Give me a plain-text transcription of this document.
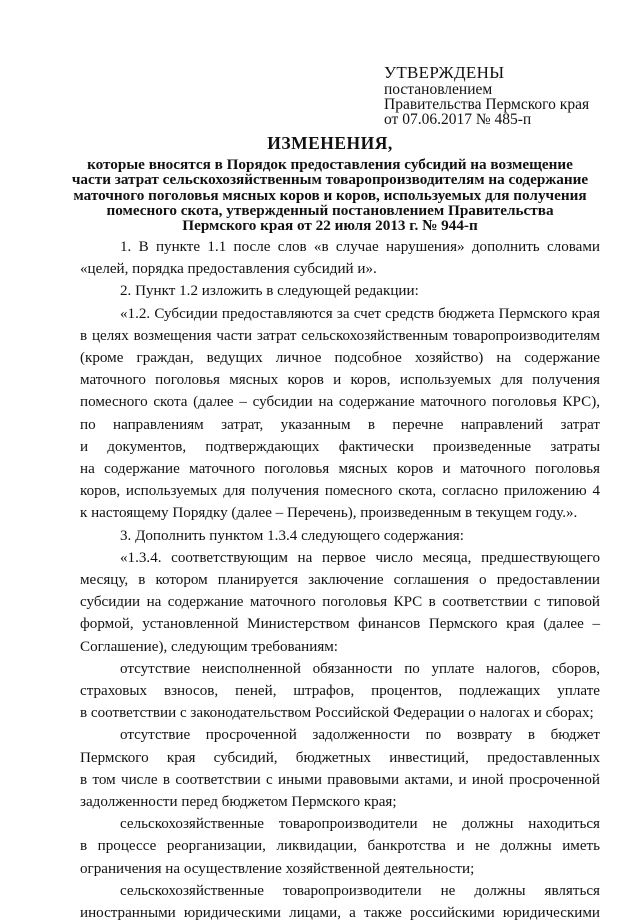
УТВЕРЖДЕНЫ
постановлением
Правительства Пермского края
от 07.06.2017 № 485-п
ИЗМЕНЕНИЯ,
которые вносятся в Порядок предоставления субсидий на возмещение
части затрат сельскохозяйственным товаропроизводителям на содержание
маточного поголовья мясных коров и коров, используемых для получения
помесного скота, утвержденный постановлением Правительства
Пермского края от 22 июля 2013 г. № 944-п
1. В пункте 1.1 после слов «в случае нарушения» дополнить словами
«целей, порядка предоставления субсидий и».
2. Пункт 1.2 изложить в следующей редакции:
«1.2. Субсидии предоставляются за счет средств бюджета Пермского края
в целях возмещения части затрат сельскохозяйственным товаропроизводителям
(кроме граждан, ведущих личное подсобное хозяйство) на содержание
маточного поголовья мясных коров и коров, используемых для получения
помесного скота (далее – субсидии на содержание маточного поголовья КРС),
по направлениям затрат, указанным в перечне направлений затрат
и документов, подтверждающих фактически произведенные затраты
на содержание маточного поголовья мясных коров и маточного поголовья
коров, используемых для получения помесного скота, согласно приложению 4
к настоящему Порядку (далее – Перечень), произведенным в текущем году.».
3. Дополнить пунктом 1.3.4 следующего содержания:
«1.3.4. соответствующим на первое число месяца, предшествующего
месяцу, в котором планируется заключение соглашения о предоставлении
субсидии на содержание маточного поголовья КРС в соответствии с типовой
формой, установленной Министерством финансов Пермского края (далее –
Соглашение), следующим требованиям:
отсутствие неисполненной обязанности по уплате налогов, сборов,
страховых взносов, пеней, штрафов, процентов, подлежащих уплате
в соответствии с законодательством Российской Федерации о налогах и сборах;
отсутствие просроченной задолженности по возврату в бюджет
Пермского края субсидий, бюджетных инвестиций, предоставленных
в том числе в соответствии с иными правовыми актами, и иной просроченной
задолженности перед бюджетом Пермского края;
сельскохозяйственные товаропроизводители не должны находиться
в процессе реорганизации, ликвидации, банкротства и не должны иметь
ограничения на осуществление хозяйственной деятельности;
сельскохозяйственные товаропроизводители не должны являться
иностранными юридическими лицами, а также российскими юридическими
